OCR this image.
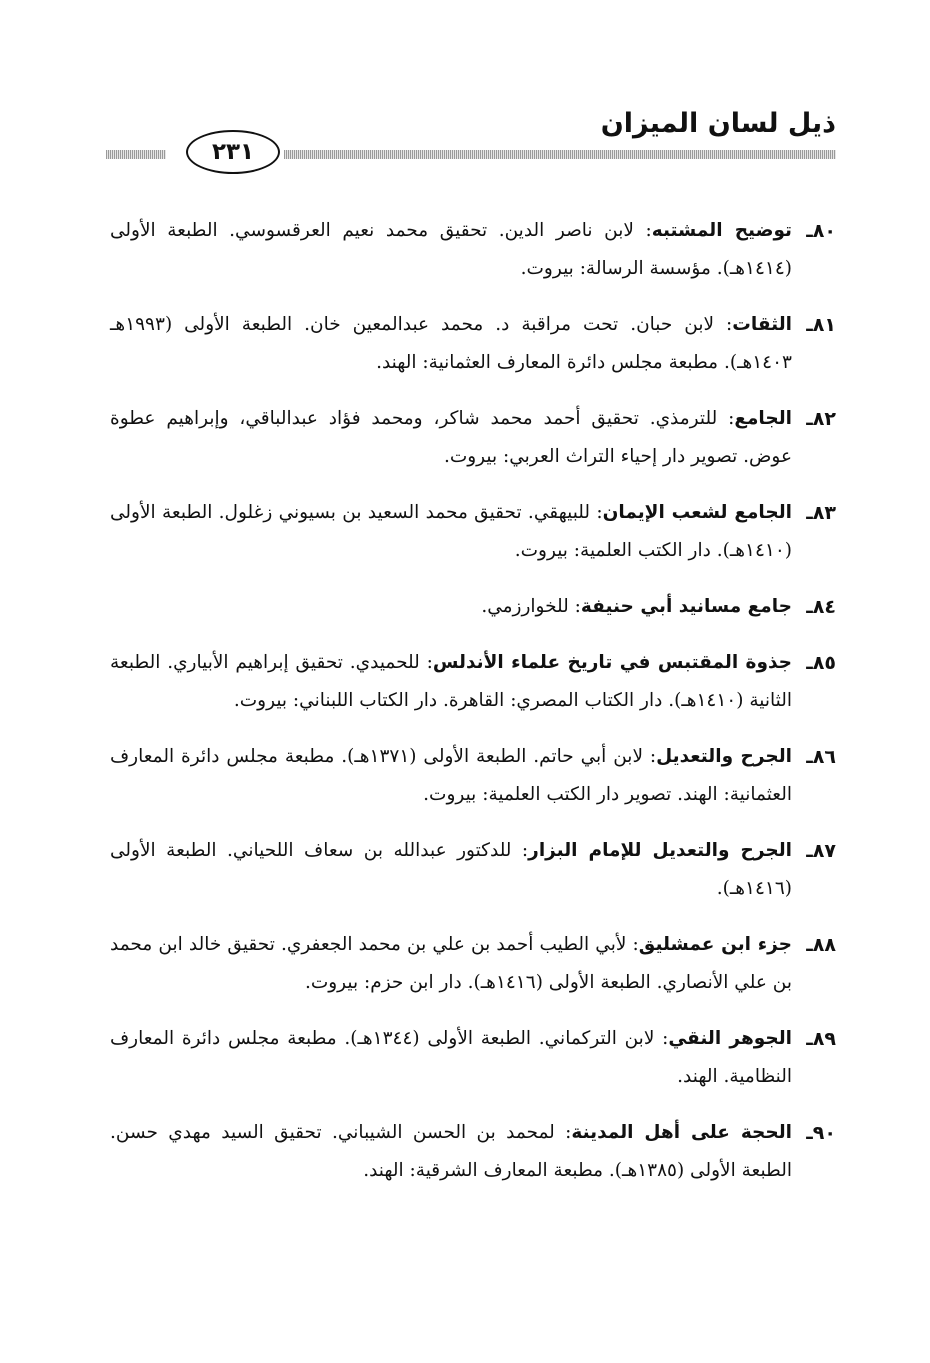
ذيل لسان الميزان
٢٣١
٨٠ـ
توضيح المشتبه: لابن ناصر الدين. تحقيق محمد نعيم العرقسوسي. الطبعة الأولى (١٤١٤هـ). مؤسسة الرسالة: بيروت.
٨١ـ
الثقات: لابن حبان. تحت مراقبة د. محمد عبدالمعين خان. الطبعة الأولى (١٩٩٣هـ ١٤٠٣هـ). مطبعة مجلس دائرة المعارف العثمانية: الهند.
٨٢ـ
الجامع: للترمذي. تحقيق أحمد محمد شاكر، ومحمد فؤاد عبدالباقي، وإبراهيم عطوة عوض. تصوير دار إحياء التراث العربي: بيروت.
٨٣ـ
الجامع لشعب الإيمان: للبيهقي. تحقيق محمد السعيد بن بسيوني زغلول. الطبعة الأولى (١٤١٠هـ). دار الكتب العلمية: بيروت.
٨٤ـ
جامع مسانيد أبي حنيفة: للخوارزمي.
٨٥ـ
جذوة المقتبس في تاريخ علماء الأندلس: للحميدي. تحقيق إبراهيم الأبياري. الطبعة الثانية (١٤١٠هـ). دار الكتاب المصري: القاهرة. دار الكتاب اللبناني: بيروت.
٨٦ـ
الجرح والتعديل: لابن أبي حاتم. الطبعة الأولى (١٣٧١هـ). مطبعة مجلس دائرة المعارف العثمانية: الهند. تصوير دار الكتب العلمية: بيروت.
٨٧ـ
الجرح والتعديل للإمام البزار: للدكتور عبدالله بن سعاف اللحياني. الطبعة الأولى (١٤١٦هـ).
٨٨ـ
جزء ابن عمشليق: لأبي الطيب أحمد بن علي بن محمد الجعفري. تحقيق خالد ابن محمد بن علي الأنصاري. الطبعة الأولى (١٤١٦هـ). دار ابن حزم: بيروت.
٨٩ـ
الجوهر النقي: لابن التركماني. الطبعة الأولى (١٣٤٤هـ). مطبعة مجلس دائرة المعارف النظامية. الهند.
٩٠ـ
الحجة على أهل المدينة: لمحمد بن الحسن الشيباني. تحقيق السيد مهدي حسن. الطبعة الأولى (١٣٨٥هـ). مطبعة المعارف الشرقية: الهند.
